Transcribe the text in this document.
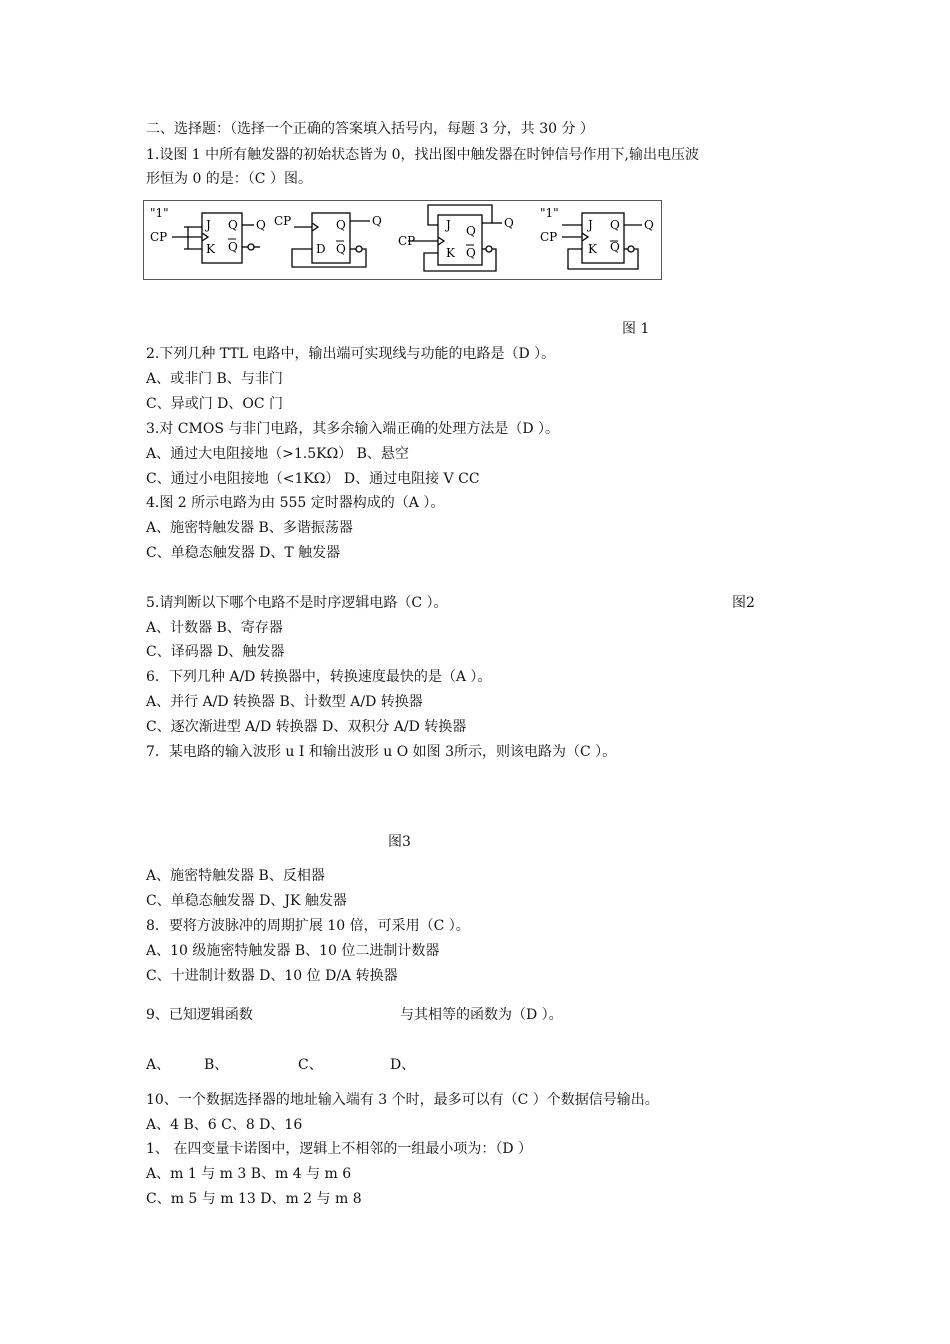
二、选择题：（选择一个正确的答案填入括号内，每题 3 分，共 30 分 ）
1.设图 1 中所有触发器的初始状态皆为 0，找出图中触发器在时钟信号作用下,输出电压波
形恒为 0 的是：（C ）图。
"1"
CP
J
K
Q
Q
Q CP
D
Q
Q
Q
CP
J
K
Q
Q
Q
"1"
CP
J
K
Q
Q
Q
图 1
2.下列几种 TTL 电路中，输出端可实现线与功能的电路是（D ）。
A、或非门 B、与非门
C、异或门 D、OC 门
3.对 CMOS 与非门电路，其多余输入端正确的处理方法是（D ）。
A、通过大电阻接地（>1.5KΩ） B、悬空
C、通过小电阻接地（<1KΩ） D、通过电阻接 V CC
4.图 2 所示电路为由 555 定时器构成的（A ）。
A、施密特触发器 B、多谐振荡器
C、单稳态触发器 D、T 触发器
5.请判断以下哪个电路不是时序逻辑电路（C ）。	图2
A、计数器 B、寄存器
C、译码器 D、触发器
6．下列几种 A/D 转换器中，转换速度最快的是（A ）。
A、并行 A/D 转换器 B、计数型 A/D 转换器
C、逐次渐进型 A/D 转换器 D、双积分 A/D 转换器
7．某电路的输入波形 u I 和输出波形 u O 如图 3所示，则该电路为（C ）。
图3
A、施密特触发器 B、反相器
C、单稳态触发器 D、JK 触发器
8．要将方波脉冲的周期扩展 10 倍，可采用（C ）。
A、10 级施密特触发器 B、10 位二进制计数器
C、十进制计数器 D、10 位 D/A 转换器
9、已知逻辑函数	与其相等的函数为（D ）。
A、 B、	C、	D、
10、一个数据选择器的地址输入端有 3 个时，最多可以有（C ）个数据信号输出。
A、4 B、6 C、8 D、16
1、 在四变量卡诺图中，逻辑上不相邻的一组最小项为：（D ）
A、m 1 与 m 3 B、m 4 与 m 6
C、m 5 与 m 13 D、m 2 与 m 8
